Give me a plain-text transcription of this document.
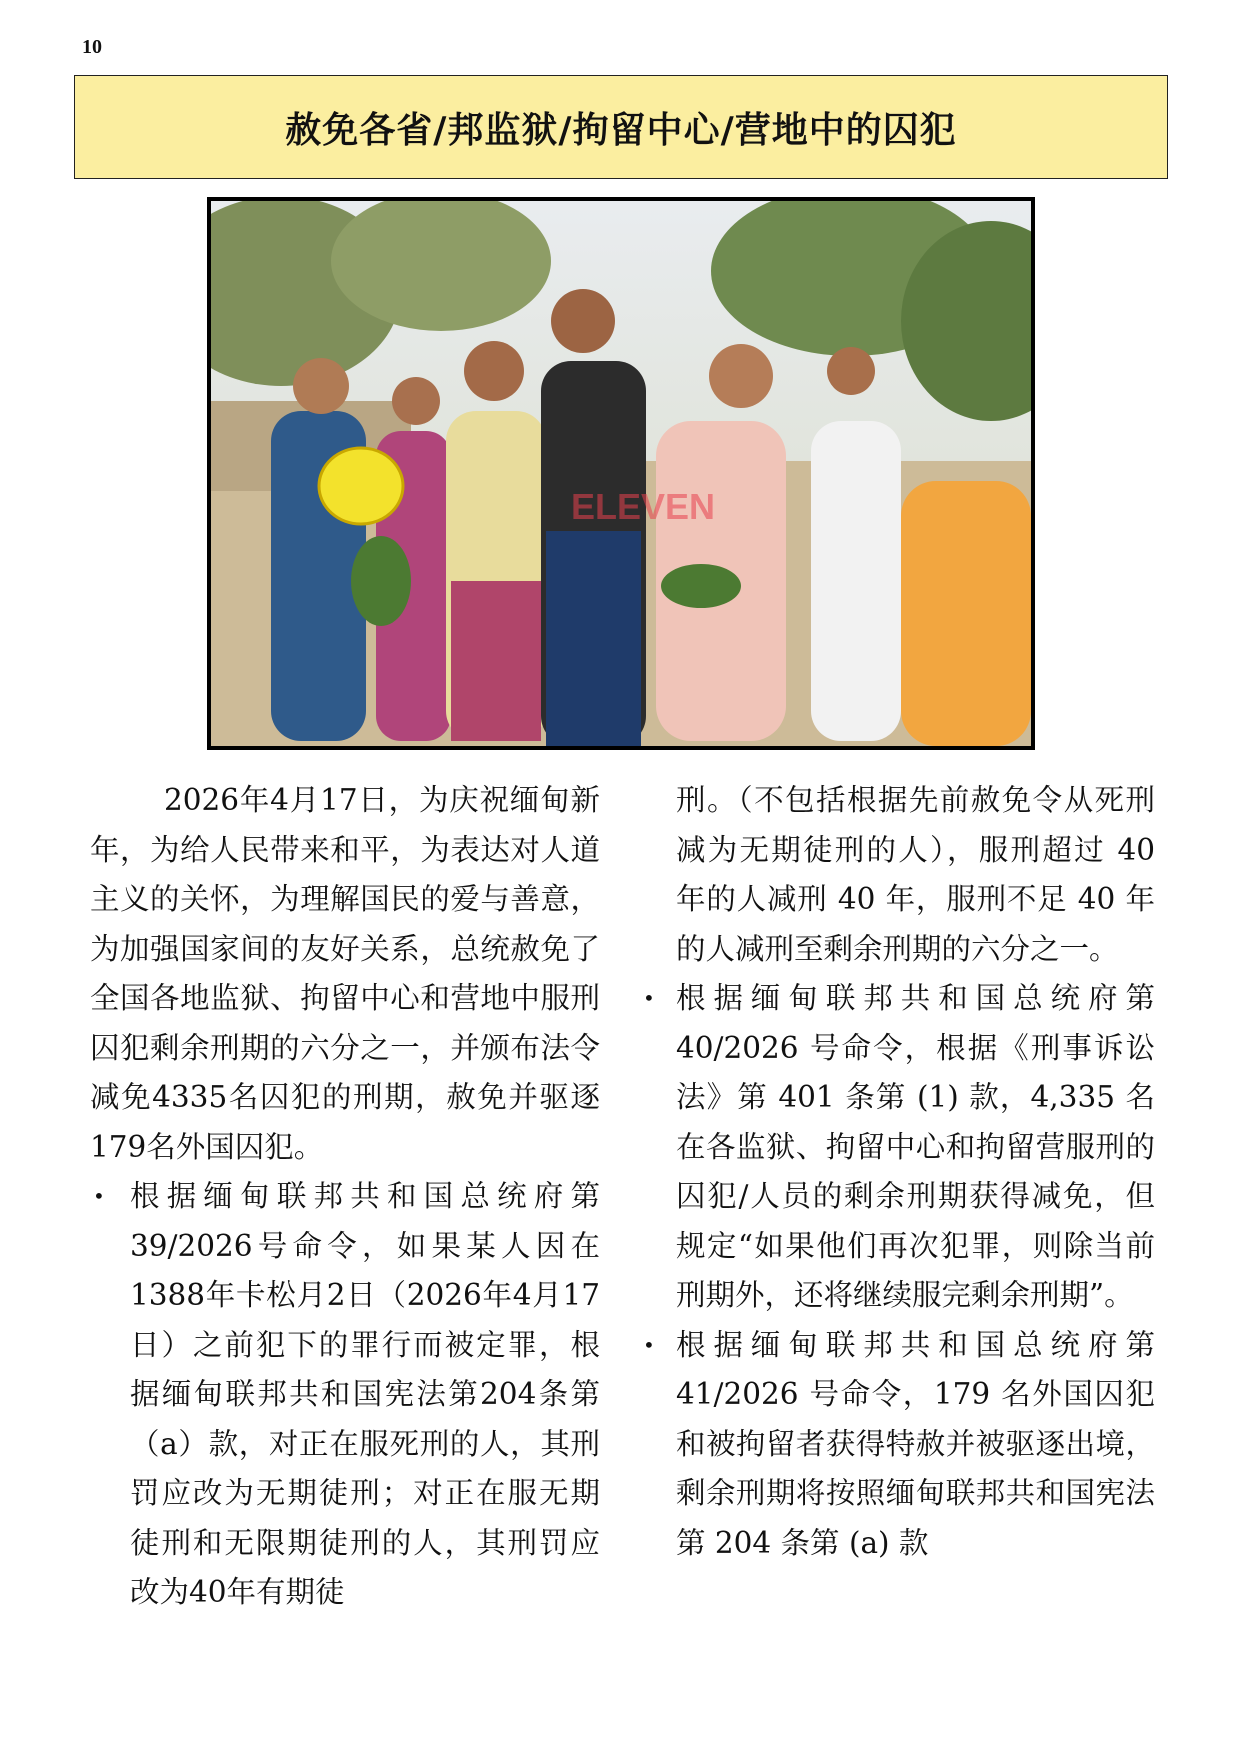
10
赦免各省/邦监狱/拘留中心/营地中的囚犯
ELEVEN

2026年4月17日，为庆祝缅甸新年，为给人民带来和平，为表达对人道主义的关怀，为理解国民的爱与善意，为加强国家间的友好关系，总统赦免了全国各地监狱、拘留中心和营地中服刑囚犯剩余刑期的六分之一，并颁布法令减免4335名囚犯的刑期，赦免并驱逐179名外国囚犯。

• 根据缅甸联邦共和国总统府第39/2026号命令，如果某人因在1388年卡松月2日（2026年4月17日）之前犯下的罪行而被定罪，根据缅甸联邦共和国宪法第204条第（a）款，对正在服死刑的人，其刑罚应改为无期徒刑；对正在服无期徒刑和无限期徒刑的人，其刑罚应改为40年有期徒

刑。（不包括根据先前赦免令从死刑减为无期徒刑的人），服刑超过 40 年的人减刑 40 年，服刑不足 40 年的人减刑至剩余刑期的六分之一。

• 根据缅甸联邦共和国总统府第40/2026 号命令，根据《刑事诉讼法》第 401 条第 (1) 款，4,335 名在各监狱、拘留中心和拘留营服刑的囚犯/人员的剩余刑期获得减免，但规定“如果他们再次犯罪，则除当前刑期外，还将继续服完剩余刑期”。
• 根据缅甸联邦共和国总统府第41/2026 号命令，179 名外国囚犯和被拘留者获得特赦并被驱逐出境，剩余刑期将按照缅甸联邦共和国宪法第 204 条第 (a) 款
